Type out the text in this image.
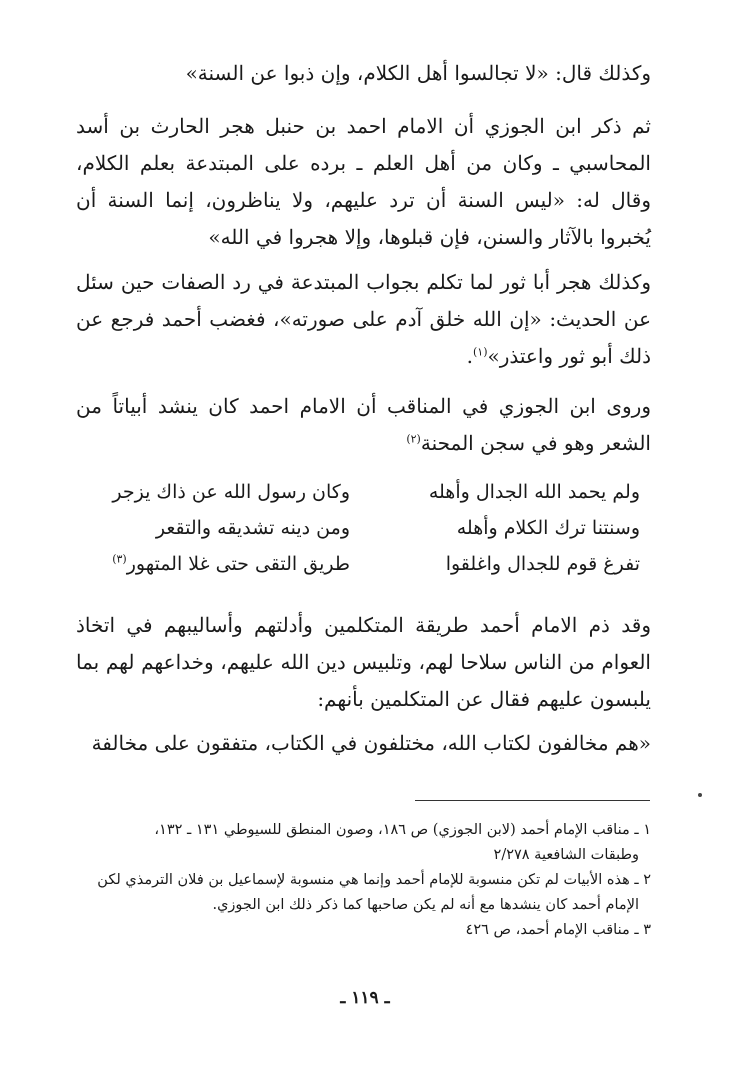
وكذلك قال: «لا تجالسوا أهل الكلام، وإن ذبوا عن السنة»

ثم ذكر ابن الجوزي أن الامام احمد بن حنبل هجر الحارث بن أسد المحاسبي ـ وكان من أهل العلم ـ برده على المبتدعة بعلم الكلام، وقال له: «ليس السنة أن ترد عليهم، ولا يناظرون، إنما السنة أن يُخبروا بالآثار والسنن، فإن قبلوها، وإلا هجروا في الله»

وكذلك هجر أبا ثور لما تكلم بجواب المبتدعة في رد الصفات حين سئل عن الحديث: «إن الله خلق آدم على صورته»، فغضب أحمد فرجع عن ذلك أبو ثور واعتذر»$^{(١)}$.

وروى ابن الجوزي في المناقب أن الامام احمد كان ينشد أبياتاً من الشعر وهو في سجن المحنة$^{(٢)}$

ولم يحمد الله الجدال وأهله
وكان رسول الله عن ذاك يزجر
وسنتنا ترك الكلام وأهله
ومن دينه تشديقه والتقعر
تفرغ قوم للجدال واغلقوا
طريق التقى حتى غلا المتهور$^{(٣)}$

وقد ذم الامام أحمد طريقة المتكلمين وأدلتهم وأساليبهم في اتخاذ العوام من الناس سلاحا لهم، وتلبيس دين الله عليهم، وخداعهم لهم بما يلبسون عليهم فقال عن المتكلمين بأنهم:

«هم مخالفون لكتاب الله، مختلفون في الكتاب، متفقون على مخالفة

١ ـ مناقب الإمام أحمد (لابن الجوزي) ص ١٨٦، وصون المنطق للسيوطي ١٣١ ـ ١٣٢،

وطبقات الشافعية ٢/٢٧٨

٢ ـ هذه الأبيات لم تكن منسوبة للإمام أحمد وإنما هي منسوبة لإسماعيل بن فلان الترمذي لكن

الإمام أحمد كان ينشدها مع أنه لم يكن صاحبها كما ذكر ذلك ابن الجوزي.

٣ ـ مناقب الإمام أحمد، ص ٤٢٦

ـ ١١٩ ـ
